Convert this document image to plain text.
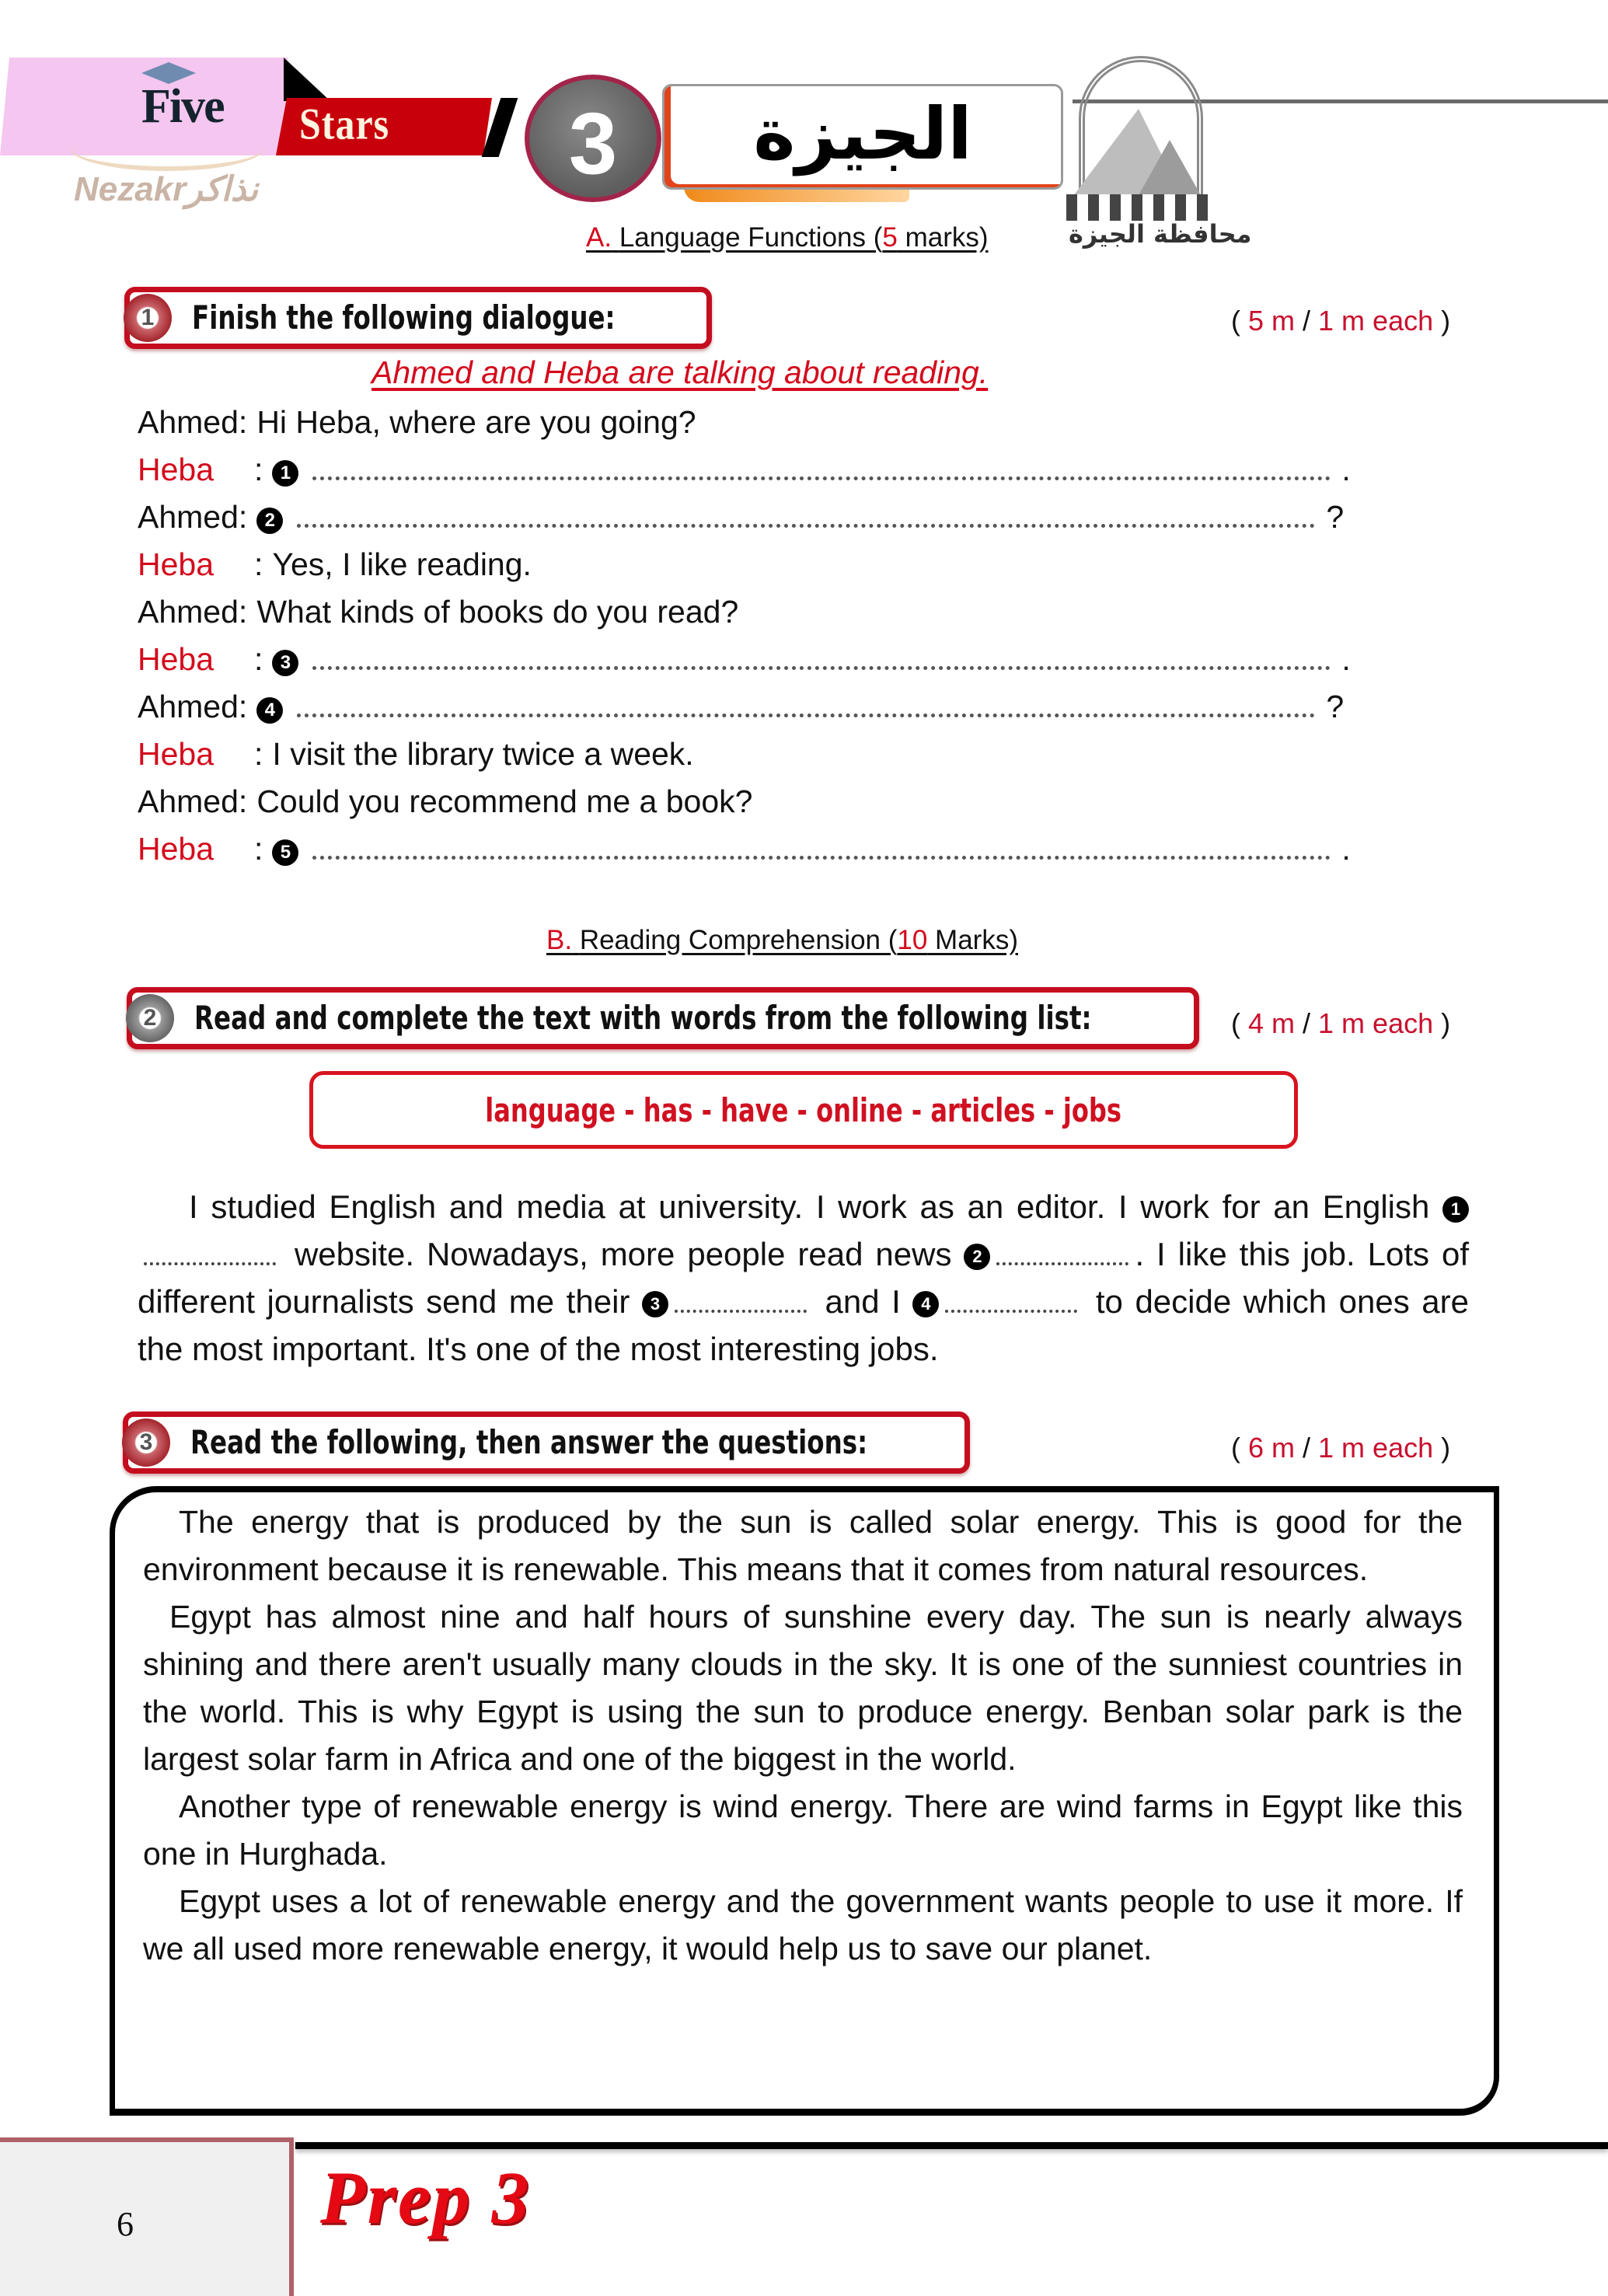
Five
Nezakrنذاكر
Stars	3	الجيزة
محافظة الجيزة
A. Language Functions (5 marks)
1 Finish the following dialogue:	( 5 m / 1 m each )
Ahmed and Heba are talking about reading.
Ahmed : Hi Heba, where are you going?
Heba	: 1	.
Ahmed : 2	?
Heba	: Yes, I like reading.
Ahmed : What kinds of books do you read?
Heba	: 3	.
Ahmed : 4	?
Heba	: I visit the library twice a week.
Ahmed : Could you recommend me a book?
Heba	: 5	.
B. Reading Comprehension (10 Marks)
2 Read and complete the text with words from the following list:	( 4 m / 1 m each )
language - has - have - online - articles - jobs
I studied English and media at university. I work as an editor. I work for an English 1 website. Nowadays, more people read news 2	. I like this job. Lots of different journalists send me their 3	and I 4	to decide which ones are the most important. It's one of the most interesting jobs.
3 Read the following, then answer the questions:	( 6 m / 1 m each )

The energy that is produced by the sun is called solar energy. This is good for the environment because it is renewable. This means that it comes from natural resources.

Egypt has almost nine and half hours of sunshine every day. The sun is nearly always shining and there aren't usually many clouds in the sky. It is one of the sunniest countries in the world. This is why Egypt is using the sun to produce energy. Benban solar park is the largest solar farm in Africa and one of the biggest in the world.

Another type of renewable energy is wind energy. There are wind farms in Egypt like this one in Hurghada.

Egypt uses a lot of renewable energy and the government wants people to use it more. If we all used more renewable energy, it would help us to save our planet.

6	Prep 3
